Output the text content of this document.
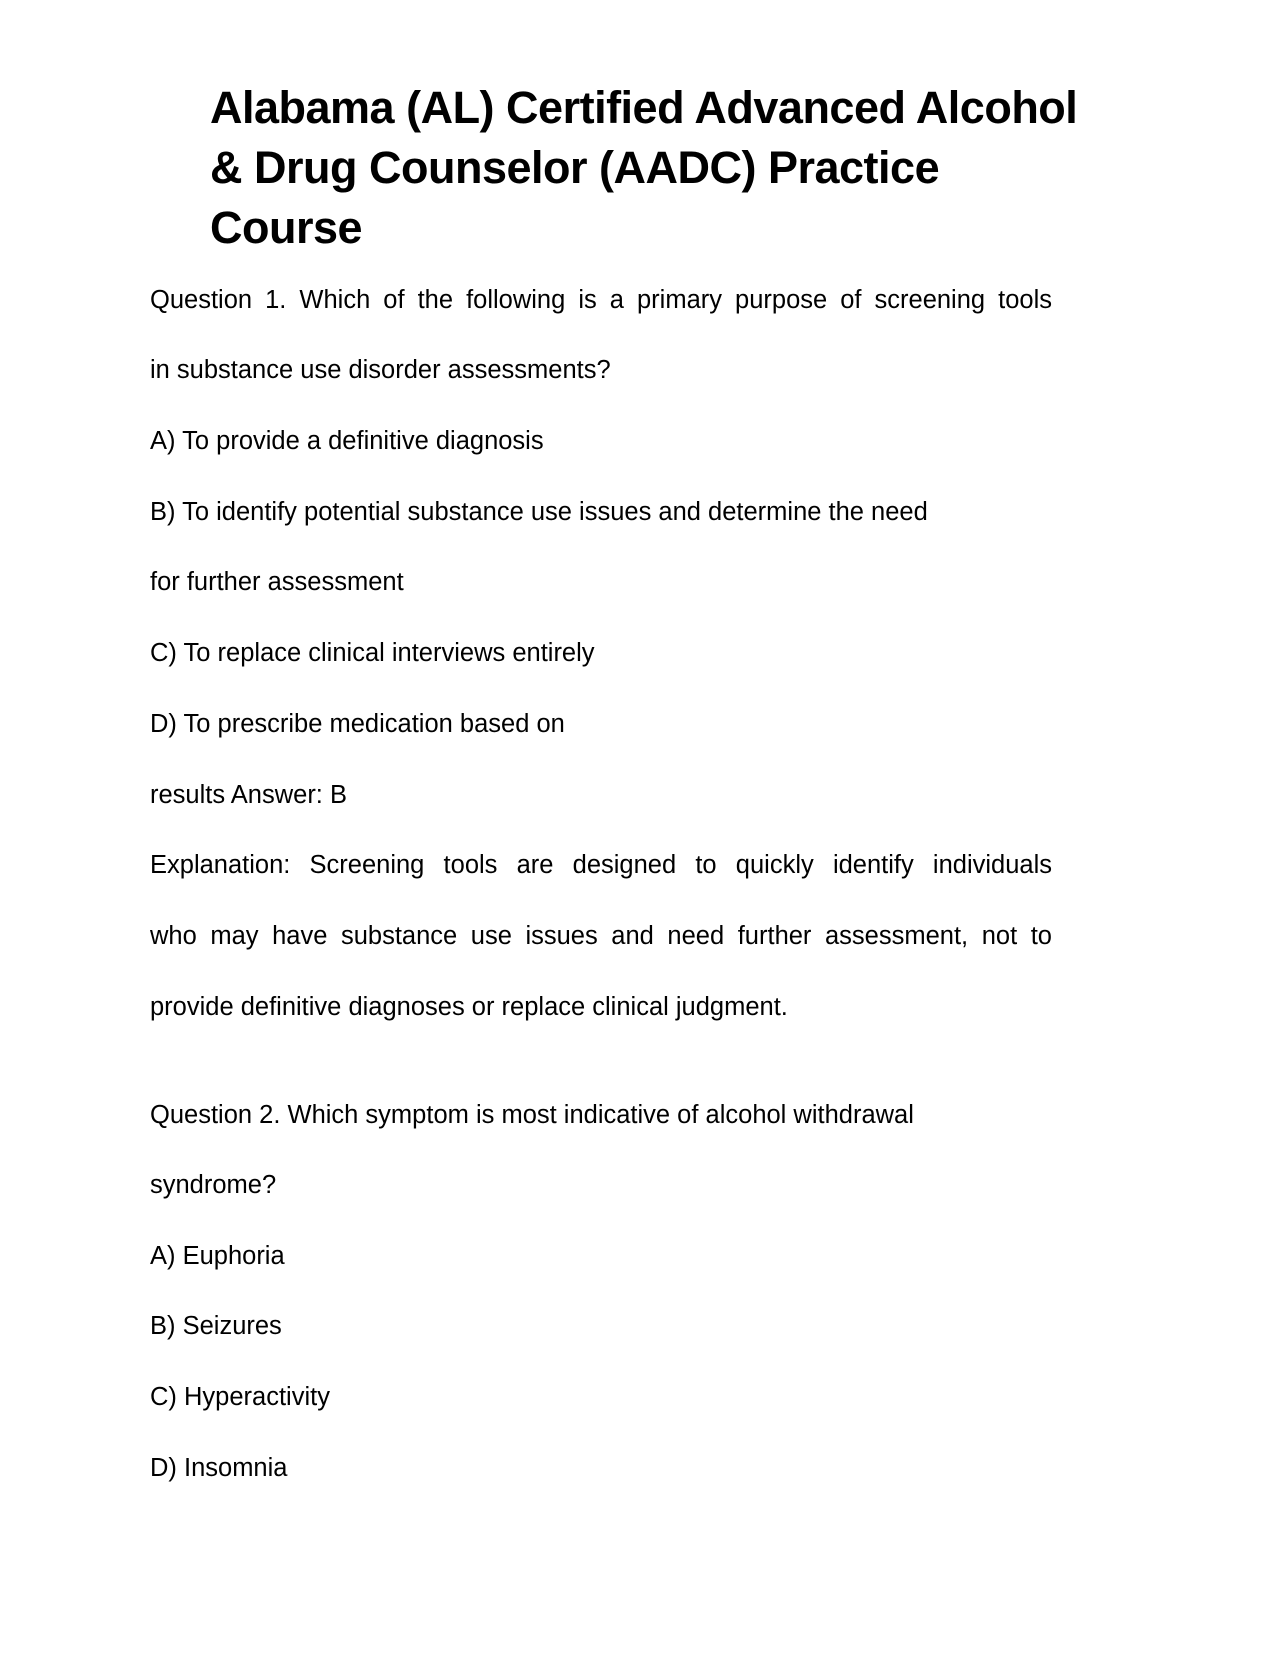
Alabama (AL) Certified Advanced Alcohol & Drug Counselor (AADC) Practice Course

Question 1. Which of the following is a primary purpose of screening tools

in substance use disorder assessments?

A) To provide a definitive diagnosis

B) To identify potential substance use issues and determine the need

for further assessment

C) To replace clinical interviews entirely

D) To prescribe medication based on

results Answer: B

Explanation: Screening tools are designed to quickly identify individuals

who may have substance use issues and need further assessment, not to

provide definitive diagnoses or replace clinical judgment.

Question 2. Which symptom is most indicative of alcohol withdrawal

syndrome?

A) Euphoria

B) Seizures

C) Hyperactivity

D) Insomnia
